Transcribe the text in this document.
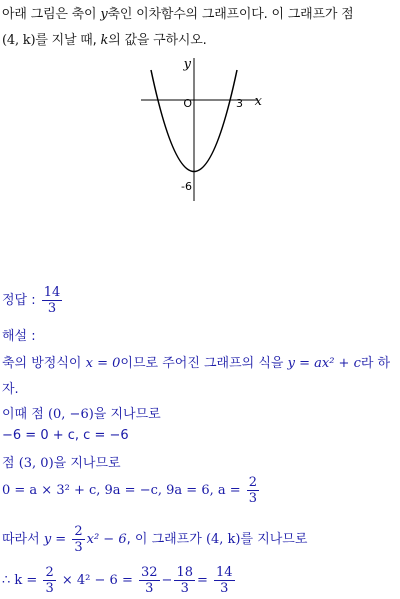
아래 그림은 축이 y축인 이차함수의 그래프이다. 이 그래프가 점
(4, k)를 지날 때, k의 값을 구하시오.
y
x
O	3
-6
정답 : $\frac{14}{3}$
해설 :
축의 방정식이 x = 0이므로 주어진 그래프의 식을 y = ax² + c라 하
자.
이때 점 (0, −6)을 지나므로
−6 = 0 + c, c = −6
점 (3, 0)을 지나므로
0 = a × 3² + c, 9a = −c, 9a = 6, $a = \frac{2}{3}$
따라서 $y = \frac{2}{3} x^2 - 6$, 이 그래프가 (4, k)를 지나므로
∴ $k = \frac{2}{3} \times 4^2 - 6 = \frac{32}{3} - \frac{18}{3} = \frac{14}{3}$
